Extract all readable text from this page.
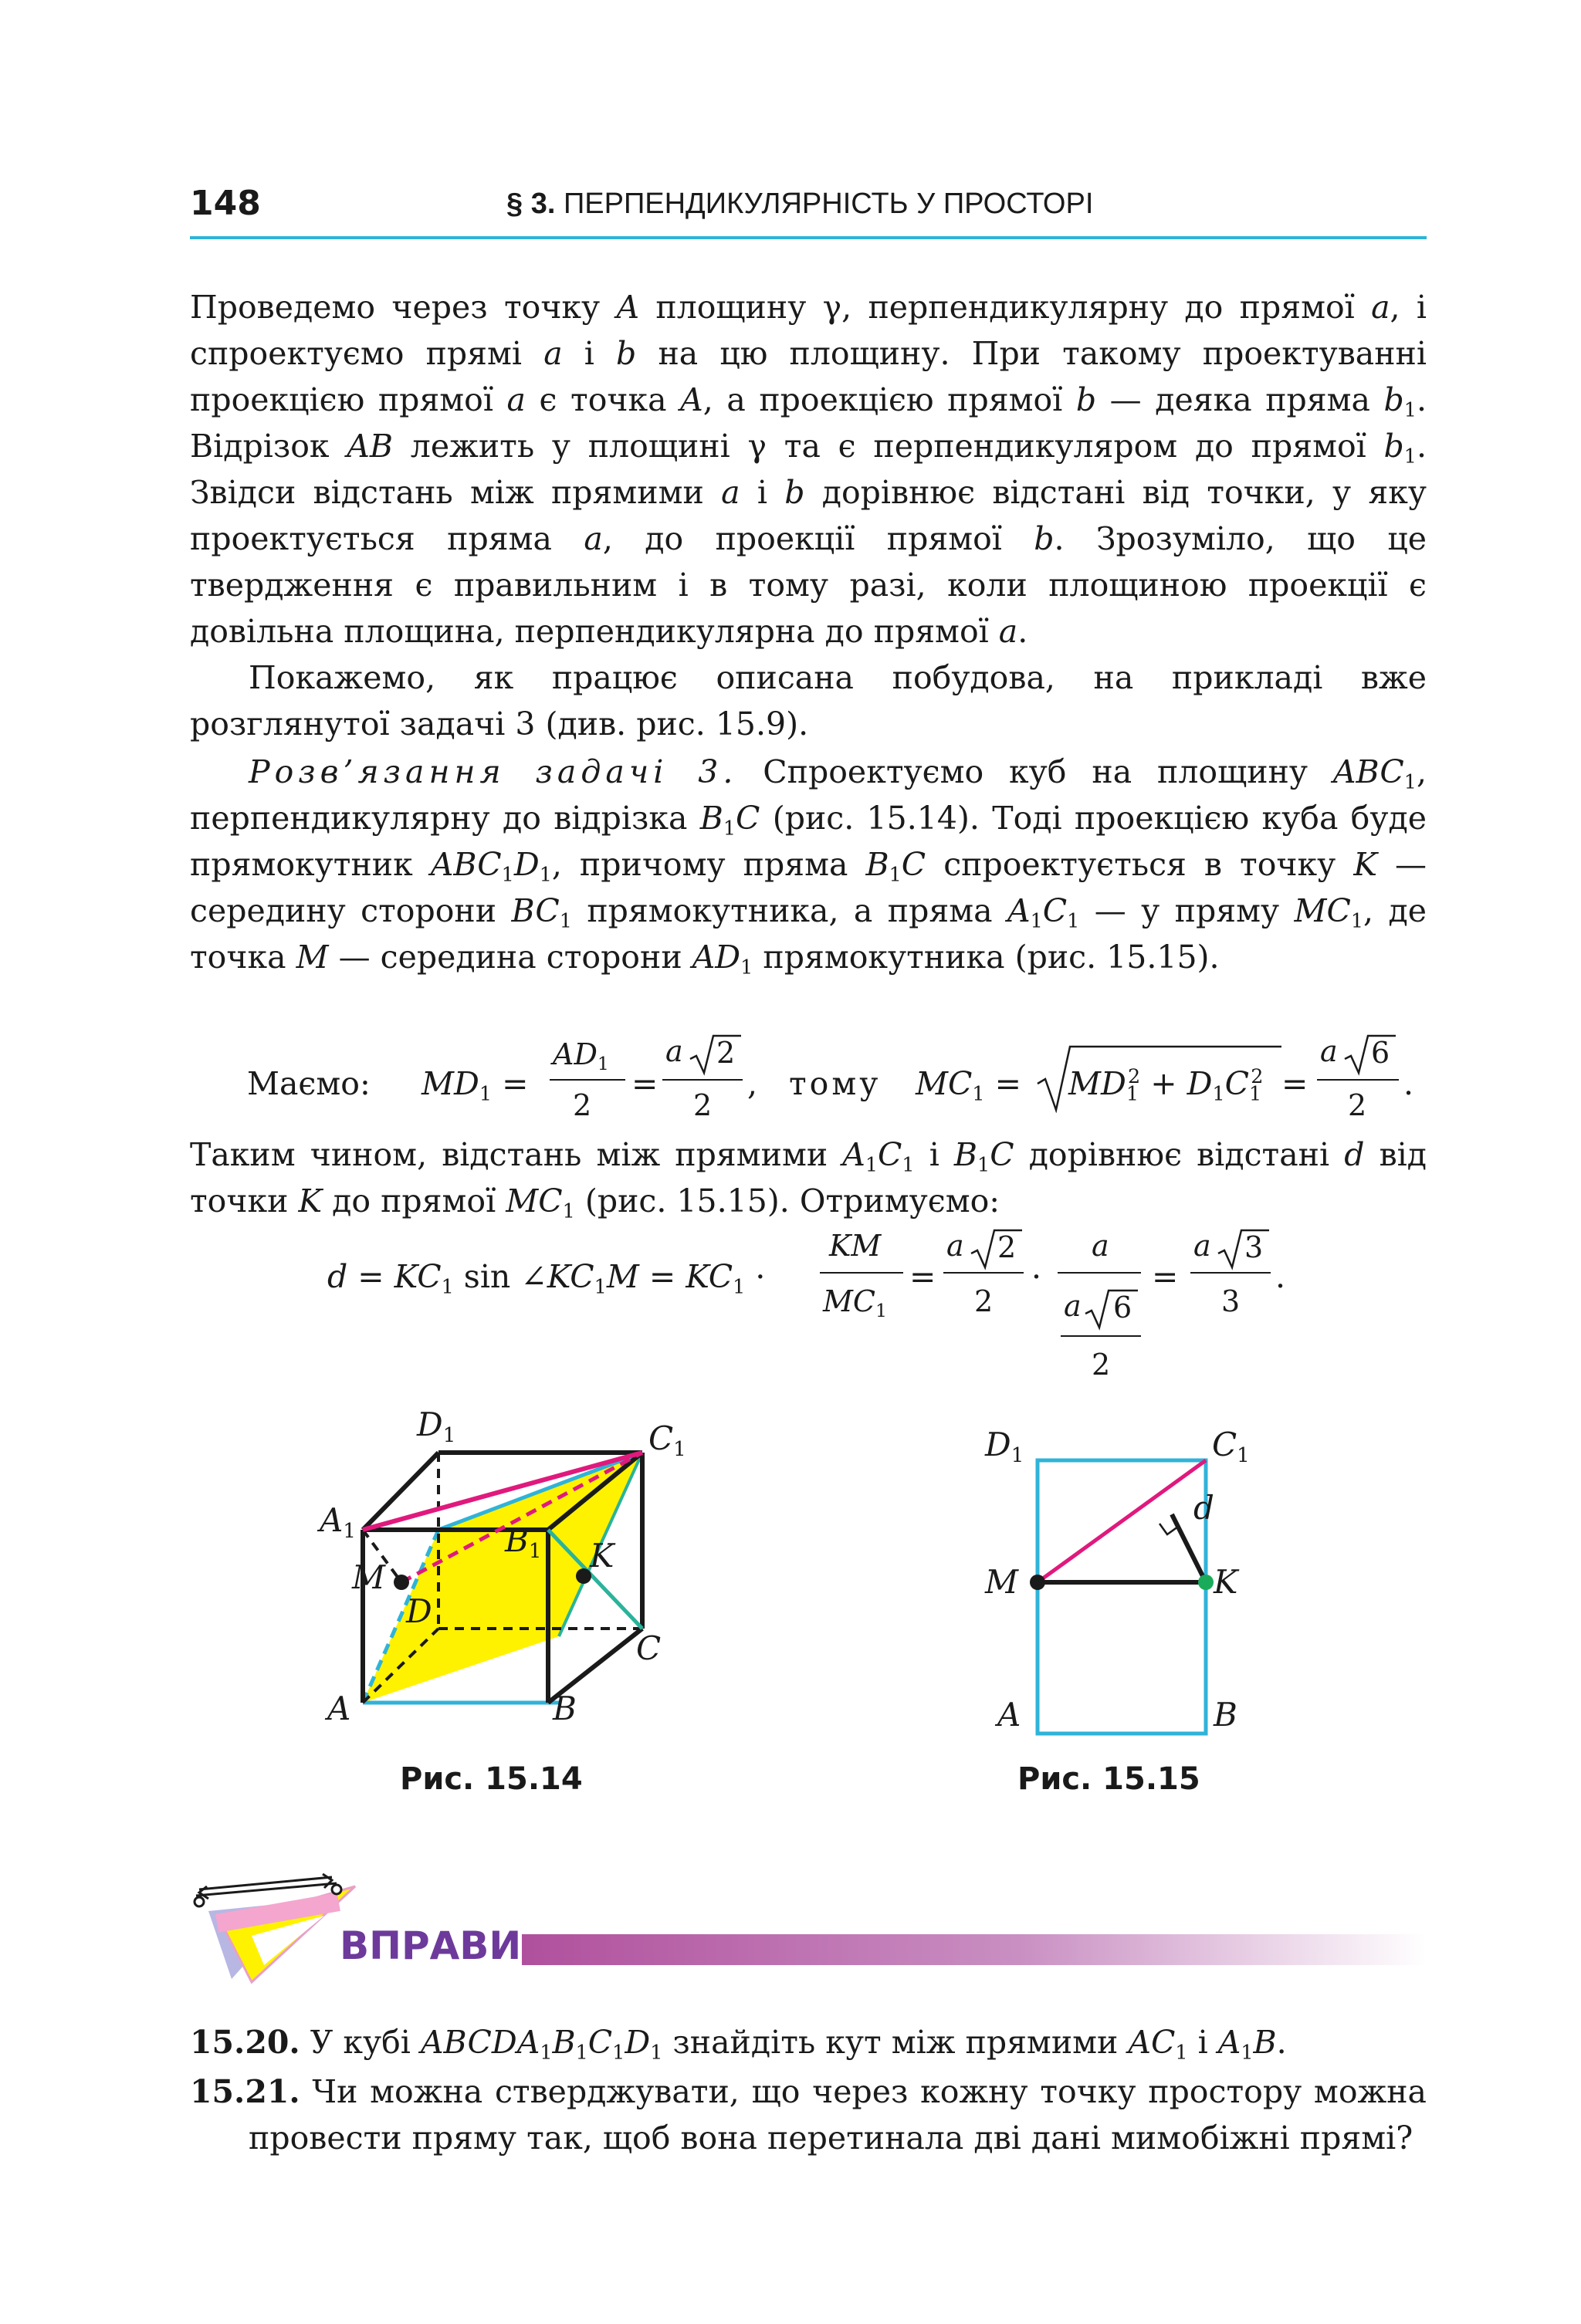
148	§ 3. ПЕРПЕНДИКУЛЯРНІСТЬ У ПРОСТОРІ

Проведемо через точку A площину γ, перпендикулярну до прямої a, і спроектуємо прямі a і b на цю площину. При такому проектуванні проекцією прямої a є точка A, а проекцією прямої b — деяка пряма $b_1$. Відрізок AB лежить у площині γ та є перпендикуляром до прямої $b_1$. Звідси відстань між прямими a і b дорівнює відстані від точки, у яку проектується пряма a, до проекції прямої b. Зрозуміло, що це твердження є правильним і в тому разі, коли площиною проекції є довільна площина, перпендикулярна до прямої a.

Покажемо, як працює описана побудова, на прикладі вже розглянутої задачі 3 (див. рис. 15.9).

Розв’язання задачі 3. Спроектуємо куб на площину $ABC_1$, перпендикулярну до відрізка $B_1C$ (рис. 15.14). Тоді проекцією куба буде прямокутник $ABC_1D_1$, причому пряма $B_1C$ спроектується в точку K — середину сторони $BC_1$ прямокутника, а пряма $A_1C_1$ — у пряму $MC_1$, де точка M — середина сторони $AD_1$ прямокутника (рис. 15.15).

Маємо: $MD_1$ =
$AD_1$
2
=
a 2
2
, тому $MC_1 = MD_1^2 + D_1C_1^2$ =
a 6
2
.

Таким чином, відстань між прямими $A_1C_1$ і $B_1C$ дорівнює відстані d від точки K до прямої $MC_1$ (рис. 15.15). Отримуємо:

$d = KC_1$ $\sin \angle KC_1M = KC_1$ ·
KM
$MC_1$
=
a 2
2
·
a
a 6
2
=
a 3
3
.
D1	C1
A1	B1
M
K
D
C
A	B
Рис. 15.14
D1	C1
d
M	K
A	B
Рис. 15.15
ВПРАВИ
15.20. У кубі $ABCDA_1B_1C_1D_1$ знайдіть кут між прямими $AC_1$ і $A_1B$.
15.21. Чи можна стверджувати, що через кожну точку простору можна провести пряму так, щоб вона перетинала дві дані мимобіжні прямі?
